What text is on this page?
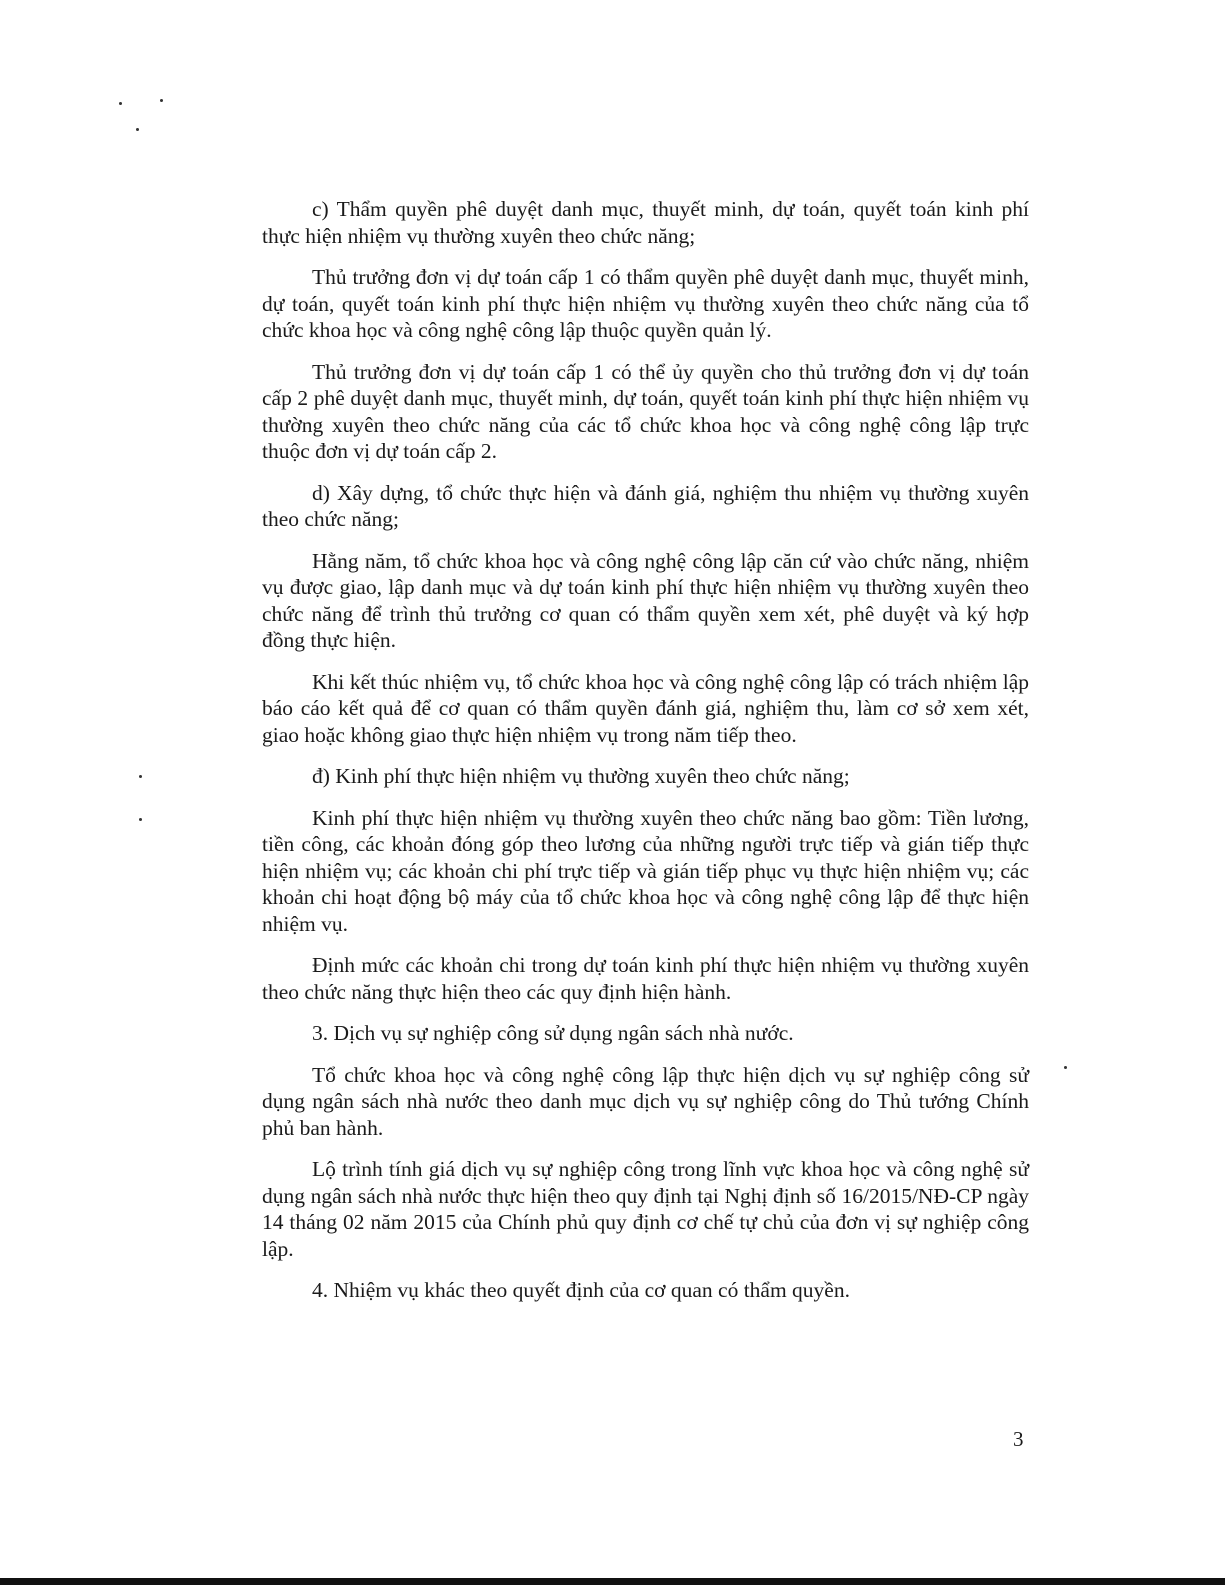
c) Thẩm quyền phê duyệt danh mục, thuyết minh, dự toán, quyết toán kinh phí thực hiện nhiệm vụ thường xuyên theo chức năng;

Thủ trưởng đơn vị dự toán cấp 1 có thẩm quyền phê duyệt danh mục, thuyết minh, dự toán, quyết toán kinh phí thực hiện nhiệm vụ thường xuyên theo chức năng của tổ chức khoa học và công nghệ công lập thuộc quyền quản lý.

Thủ trưởng đơn vị dự toán cấp 1 có thể ủy quyền cho thủ trưởng đơn vị dự toán cấp 2 phê duyệt danh mục, thuyết minh, dự toán, quyết toán kinh phí thực hiện nhiệm vụ thường xuyên theo chức năng của các tổ chức khoa học và công nghệ công lập trực thuộc đơn vị dự toán cấp 2.

d) Xây dựng, tổ chức thực hiện và đánh giá, nghiệm thu nhiệm vụ thường xuyên theo chức năng;

Hằng năm, tổ chức khoa học và công nghệ công lập căn cứ vào chức năng, nhiệm vụ được giao, lập danh mục và dự toán kinh phí thực hiện nhiệm vụ thường xuyên theo chức năng để trình thủ trưởng cơ quan có thẩm quyền xem xét, phê duyệt và ký hợp đồng thực hiện.

Khi kết thúc nhiệm vụ, tổ chức khoa học và công nghệ công lập có trách nhiệm lập báo cáo kết quả để cơ quan có thẩm quyền đánh giá, nghiệm thu, làm cơ sở xem xét, giao hoặc không giao thực hiện nhiệm vụ trong năm tiếp theo.

đ) Kinh phí thực hiện nhiệm vụ thường xuyên theo chức năng;

Kinh phí thực hiện nhiệm vụ thường xuyên theo chức năng bao gồm: Tiền lương, tiền công, các khoản đóng góp theo lương của những người trực tiếp và gián tiếp thực hiện nhiệm vụ; các khoản chi phí trực tiếp và gián tiếp phục vụ thực hiện nhiệm vụ; các khoản chi hoạt động bộ máy của tổ chức khoa học và công nghệ công lập để thực hiện nhiệm vụ.

Định mức các khoản chi trong dự toán kinh phí thực hiện nhiệm vụ thường xuyên theo chức năng thực hiện theo các quy định hiện hành.

3. Dịch vụ sự nghiệp công sử dụng ngân sách nhà nước.

Tổ chức khoa học và công nghệ công lập thực hiện dịch vụ sự nghiệp công sử dụng ngân sách nhà nước theo danh mục dịch vụ sự nghiệp công do Thủ tướng Chính phủ ban hành.

Lộ trình tính giá dịch vụ sự nghiệp công trong lĩnh vực khoa học và công nghệ sử dụng ngân sách nhà nước thực hiện theo quy định tại Nghị định số 16/2015/NĐ-CP ngày 14 tháng 02 năm 2015 của Chính phủ quy định cơ chế tự chủ của đơn vị sự nghiệp công lập.

4. Nhiệm vụ khác theo quyết định của cơ quan có thẩm quyền.

3
